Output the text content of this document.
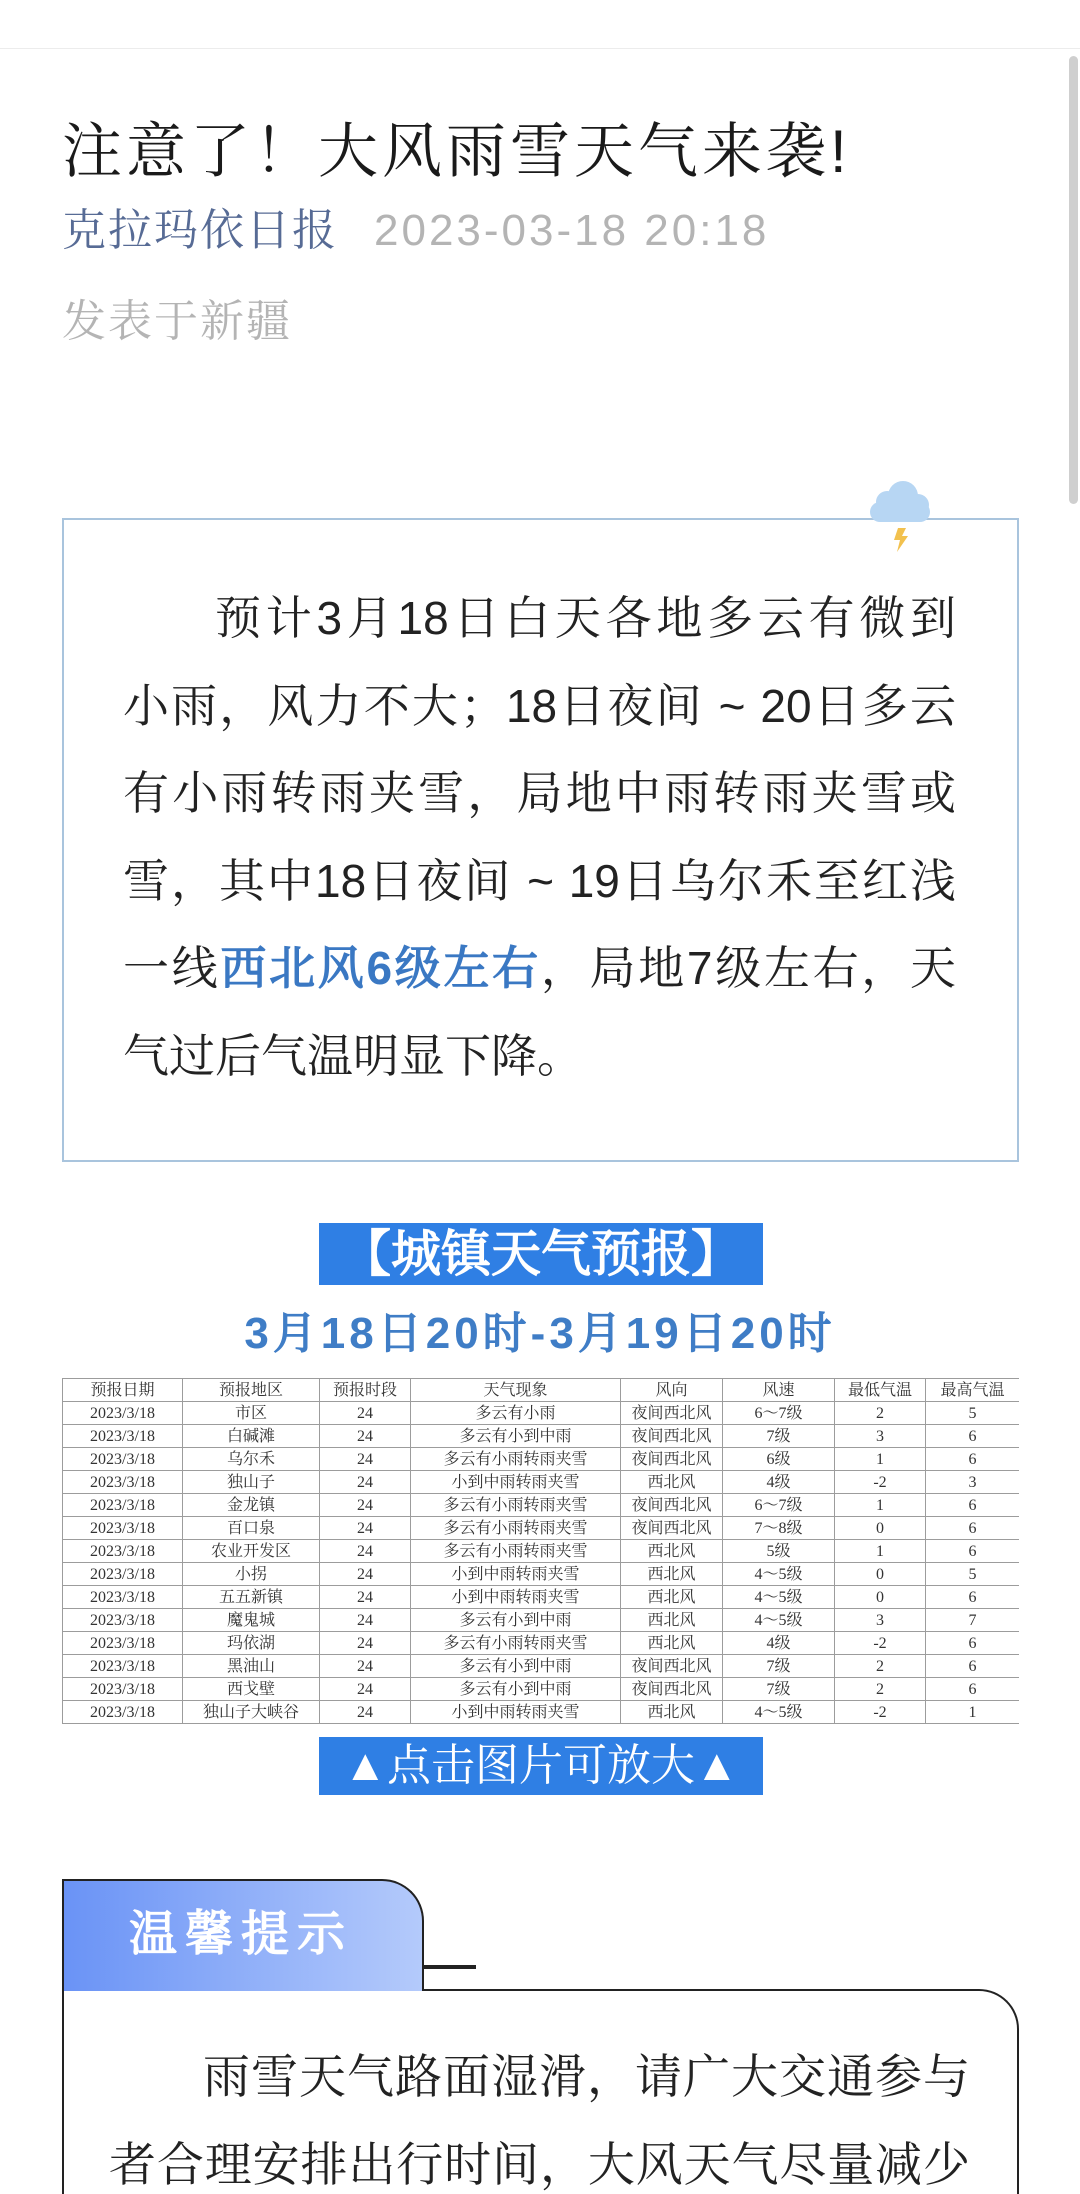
注意了！大风雨雪天气来袭!
克拉玛依日报 2023-03-18 20:18
发表于新疆
预计3月18日白天各地多云有微到
小雨，风力不大；18日夜间 ~ 20日多云
有小雨转雨夹雪，局地中雨转雨夹雪或
雪，其中18日夜间 ~ 19日乌尔禾至红浅
一线西北风6级左右，局地7级左右，天
气过后气温明显下降。
【城镇天气预报】
3月18日20时-3月19日20时
预报日期	预报地区	预报时段	天气现象	风向	风速	最低气温	最高气温
2023/3/18	市区	24	多云有小雨	夜间西北风	6～7级	2	5
2023/3/18	白碱滩	24	多云有小到中雨	夜间西北风	7级	3	6
2023/3/18	乌尔禾	24	多云有小雨转雨夹雪	夜间西北风	6级	1	6
2023/3/18	独山子	24	小到中雨转雨夹雪	西北风	4级	-2	3
2023/3/18	金龙镇	24	多云有小雨转雨夹雪	夜间西北风	6～7级	1	6
2023/3/18	百口泉	24	多云有小雨转雨夹雪	夜间西北风	7～8级	0	6
2023/3/18	农业开发区	24	多云有小雨转雨夹雪	西北风	5级	1	6
2023/3/18	小拐	24	小到中雨转雨夹雪	西北风	4～5级	0	5
2023/3/18	五五新镇	24	小到中雨转雨夹雪	西北风	4～5级	0	6
2023/3/18	魔鬼城	24	多云有小到中雨	西北风	4～5级	3	7
2023/3/18	玛依湖	24	多云有小雨转雨夹雪	西北风	4级	-2	6
2023/3/18	黑油山	24	多云有小到中雨	夜间西北风	7级	2	6
2023/3/18	西戈壁	24	多云有小到中雨	夜间西北风	7级	2	6
2023/3/18	独山子大峡谷	24	小到中雨转雨夹雪	西北风	4～5级	-2	1
▲点击图片可放大▲
温馨提示
雨雪天气路面湿滑，请广大交通参与
者合理安排出行时间，大风天气尽量减少
